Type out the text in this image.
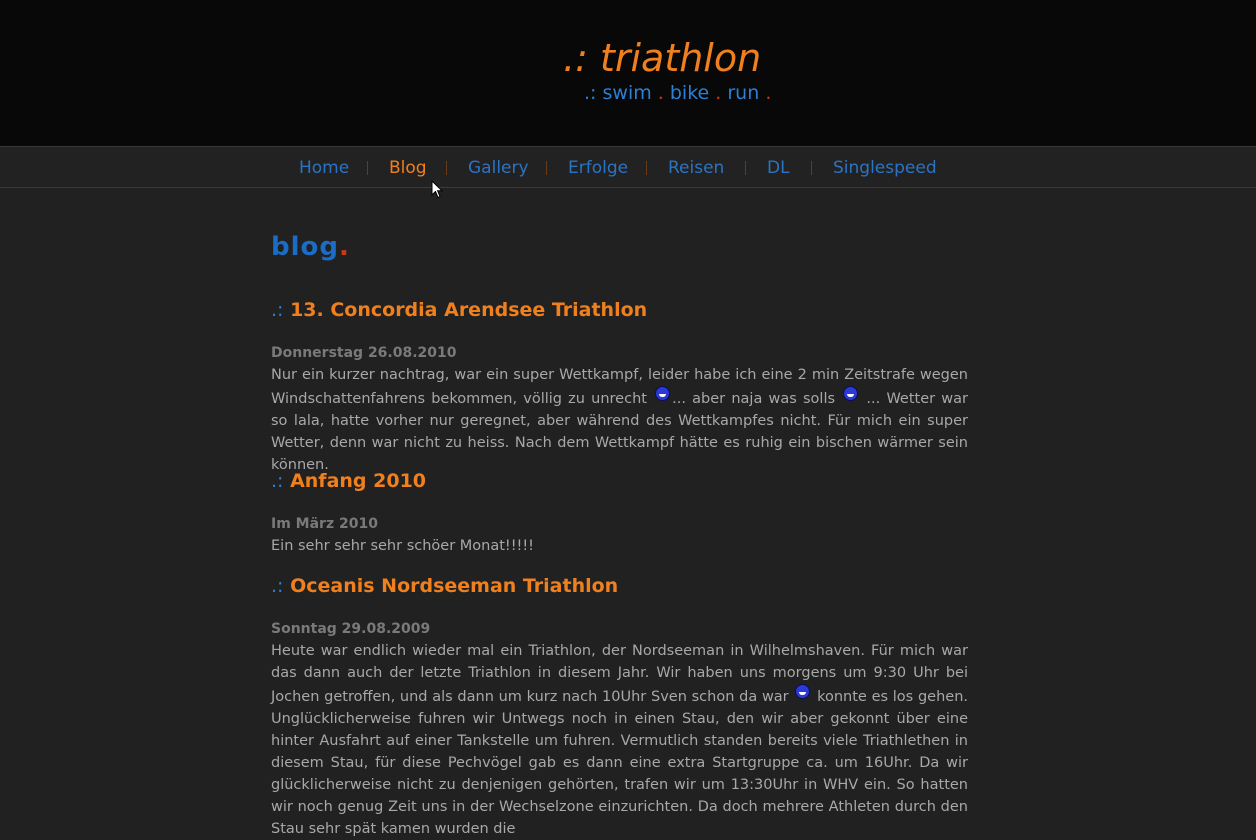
.: triathlon
.: swim . bike . run .
Home Blog Gallery Erfolge Reisen	DL	Singlespeed
blog.
.: 13. Concordia Arendsee Triathlon
Donnerstag 26.08.2010
Nur ein kurzer nachtrag, war ein super Wettkampf, leider habe ich eine 2 min Zeitstrafe wegen Windschattenfahrens bekommen, völlig zu unrecht ... aber naja was solls  ... Wetter war so lala, hatte vorher nur geregnet, aber während des Wettkampfes nicht. Für mich ein super Wetter, denn war nicht zu heiss. Nach dem Wettkampf hätte es ruhig ein bischen wärmer sein können.
.: Anfang 2010
Im März 2010
Ein sehr sehr sehr schöer Monat!!!!!
.: Oceanis Nordseeman Triathlon
Sonntag 29.08.2009
Heute war endlich wieder mal ein Triathlon, der Nordseeman in Wilhelmshaven. Für mich war das dann auch der letzte Triathlon in diesem Jahr. Wir haben uns morgens um 9:30 Uhr bei Jochen getroffen, und als dann um kurz nach 10Uhr Sven schon da war  konnte es los gehen. Unglücklicherweise fuhren wir Untwegs noch in einen Stau, den wir aber gekonnt über eine hinter Ausfahrt auf einer Tankstelle um fuhren. Vermutlich standen bereits viele Triathlethen in diesem Stau, für diese Pechvögel gab es dann eine extra Startgruppe ca. um 16Uhr. Da wir glücklicherweise nicht zu denjenigen gehörten, trafen wir um 13:30Uhr in WHV ein. So hatten wir noch genug Zeit uns in der Wechselzone einzurichten. Da doch mehrere Athleten durch den Stau sehr spät kamen wurden die
